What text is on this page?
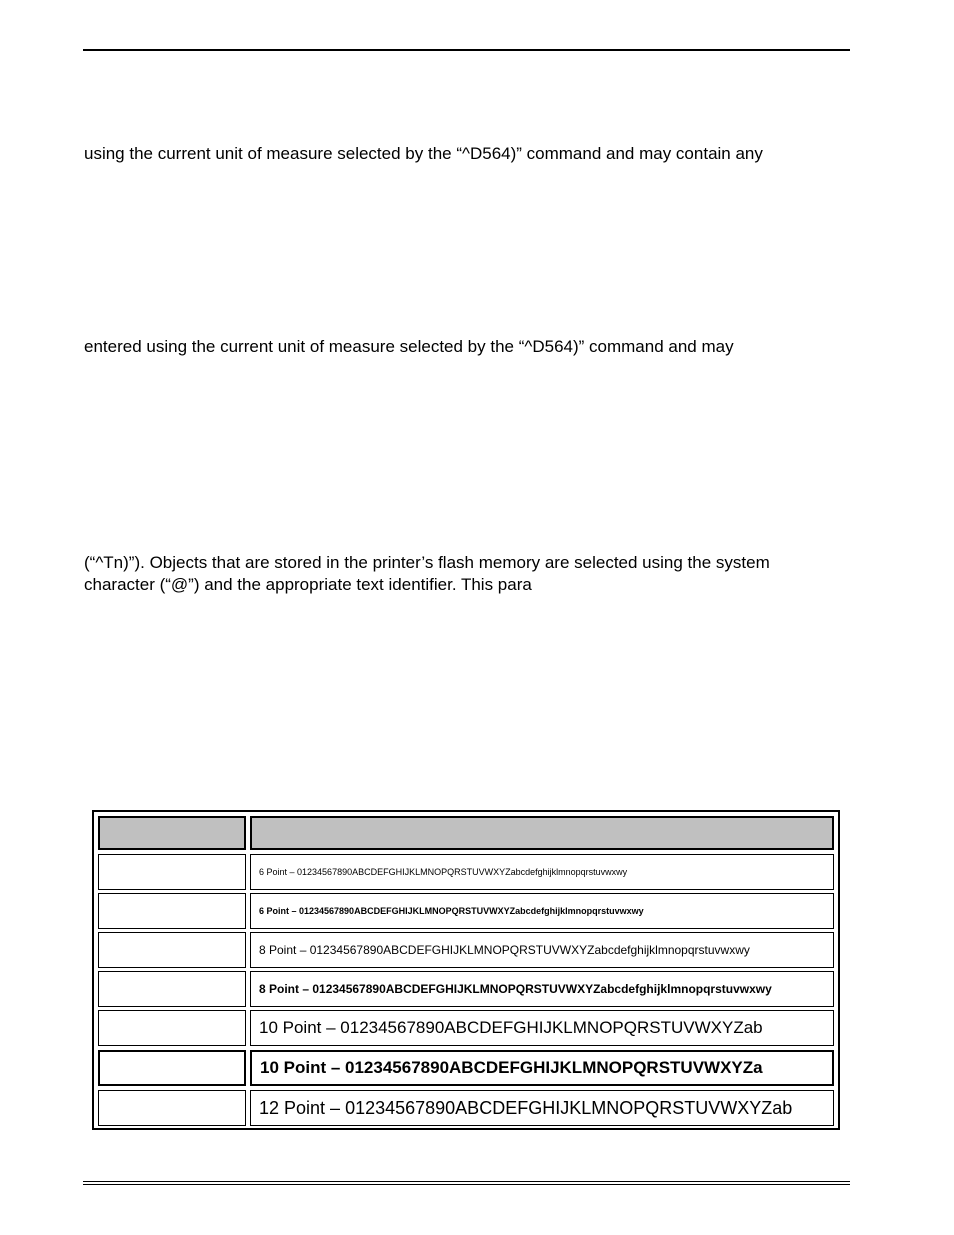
using the current unit of measure selected by the “^D564)” command and may contain any

entered using the current unit of measure selected by the “^D564)” command and may

(“^Tn)”). Objects that are stored in the printer’s flash memory are selected using the system

character (“@”) and the appropriate text identifier. This para

6 Point – 01234567890ABCDEFGHIJKLMNOPQRSTUVWXYZabcdefghijklmnopqrstuvwxwy
6 Point – 01234567890ABCDEFGHIJKLMNOPQRSTUVWXYZabcdefghijklmnopqrstuvwxwy
8 Point – 01234567890ABCDEFGHIJKLMNOPQRSTUVWXYZabcdefghijklmnopqrstuvwxwy
8 Point – 01234567890ABCDEFGHIJKLMNOPQRSTUVWXYZabcdefghijklmnopqrstuvwxwy
10 Point – 01234567890ABCDEFGHIJKLMNOPQRSTUVWXYZab
10 Point – 01234567890ABCDEFGHIJKLMNOPQRSTUVWXYZa
12 Point – 01234567890ABCDEFGHIJKLMNOPQRSTUVWXYZab
